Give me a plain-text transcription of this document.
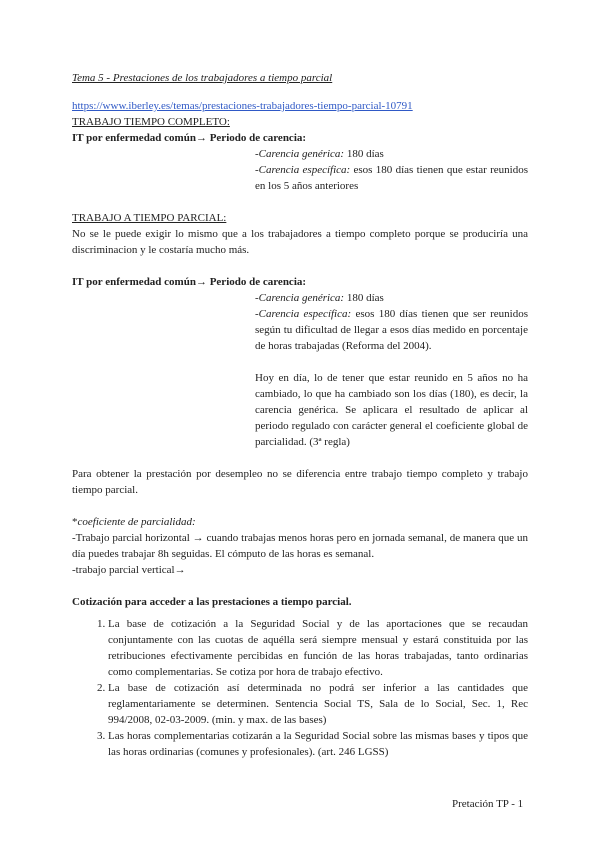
Tema 5 - Prestaciones de los trabajadores a tiempo parcial
https://www.iberley.es/temas/prestaciones-trabajadores-tiempo-parcial-10791
TRABAJO TIEMPO COMPLETO:
IT por enfermedad común→ Periodo de carencia:
-Carencia genérica: 180 días
-Carencia específica: esos 180 días tienen que estar reunidos en los 5 años anteriores
TRABAJO A TIEMPO PARCIAL:
No se le puede exigir lo mismo que a los trabajadores a tiempo completo porque se produciría una discriminacion y le costaría mucho más.
IT por enfermedad común→ Periodo de carencia:
-Carencia genérica: 180 días
-Carencia específica: esos 180 días tienen que ser reunidos según tu dificultad de llegar a esos días medido en porcentaje de horas trabajadas (Reforma del 2004).
Hoy en día, lo de tener que estar reunido en 5 años no ha cambiado, lo que ha cambiado son los días (180), es decir, la carencia genérica. Se aplicara el resultado de aplicar al periodo regulado con carácter general el coeficiente global de parcialidad. (3ª regla)
Para obtener la prestación por desempleo no se diferencia entre trabajo tiempo completo y trabajo tiempo parcial.
*coeficiente de parcialidad:
-Trabajo parcial horizontal → cuando trabajas menos horas pero en jornada semanal, de manera que un día puedes trabajar 8h seguidas. El cómputo de las horas es semanal.
-trabajo parcial vertical→
Cotización para acceder a las prestaciones a tiempo parcial.
1. La base de cotización a la Seguridad Social y de las aportaciones que se recaudan conjuntamente con las cuotas de aquélla será siempre mensual y estará constituida por las retribuciones efectivamente percibidas en función de las horas trabajadas, tanto ordinarias como complementarias. Se cotiza por hora de trabajo efectivo.
2. La base de cotización así determinada no podrá ser inferior a las cantidades que reglamentariamente se determinen. Sentencia Social TS, Sala de lo Social, Sec. 1, Rec 994/2008, 02-03-2009. (min. y max. de las bases)
3. Las horas complementarias cotizarán a la Seguridad Social sobre las mismas bases y tipos que las horas ordinarias (comunes y profesionales). (art. 246 LGSS)
Pretación TP - 1
